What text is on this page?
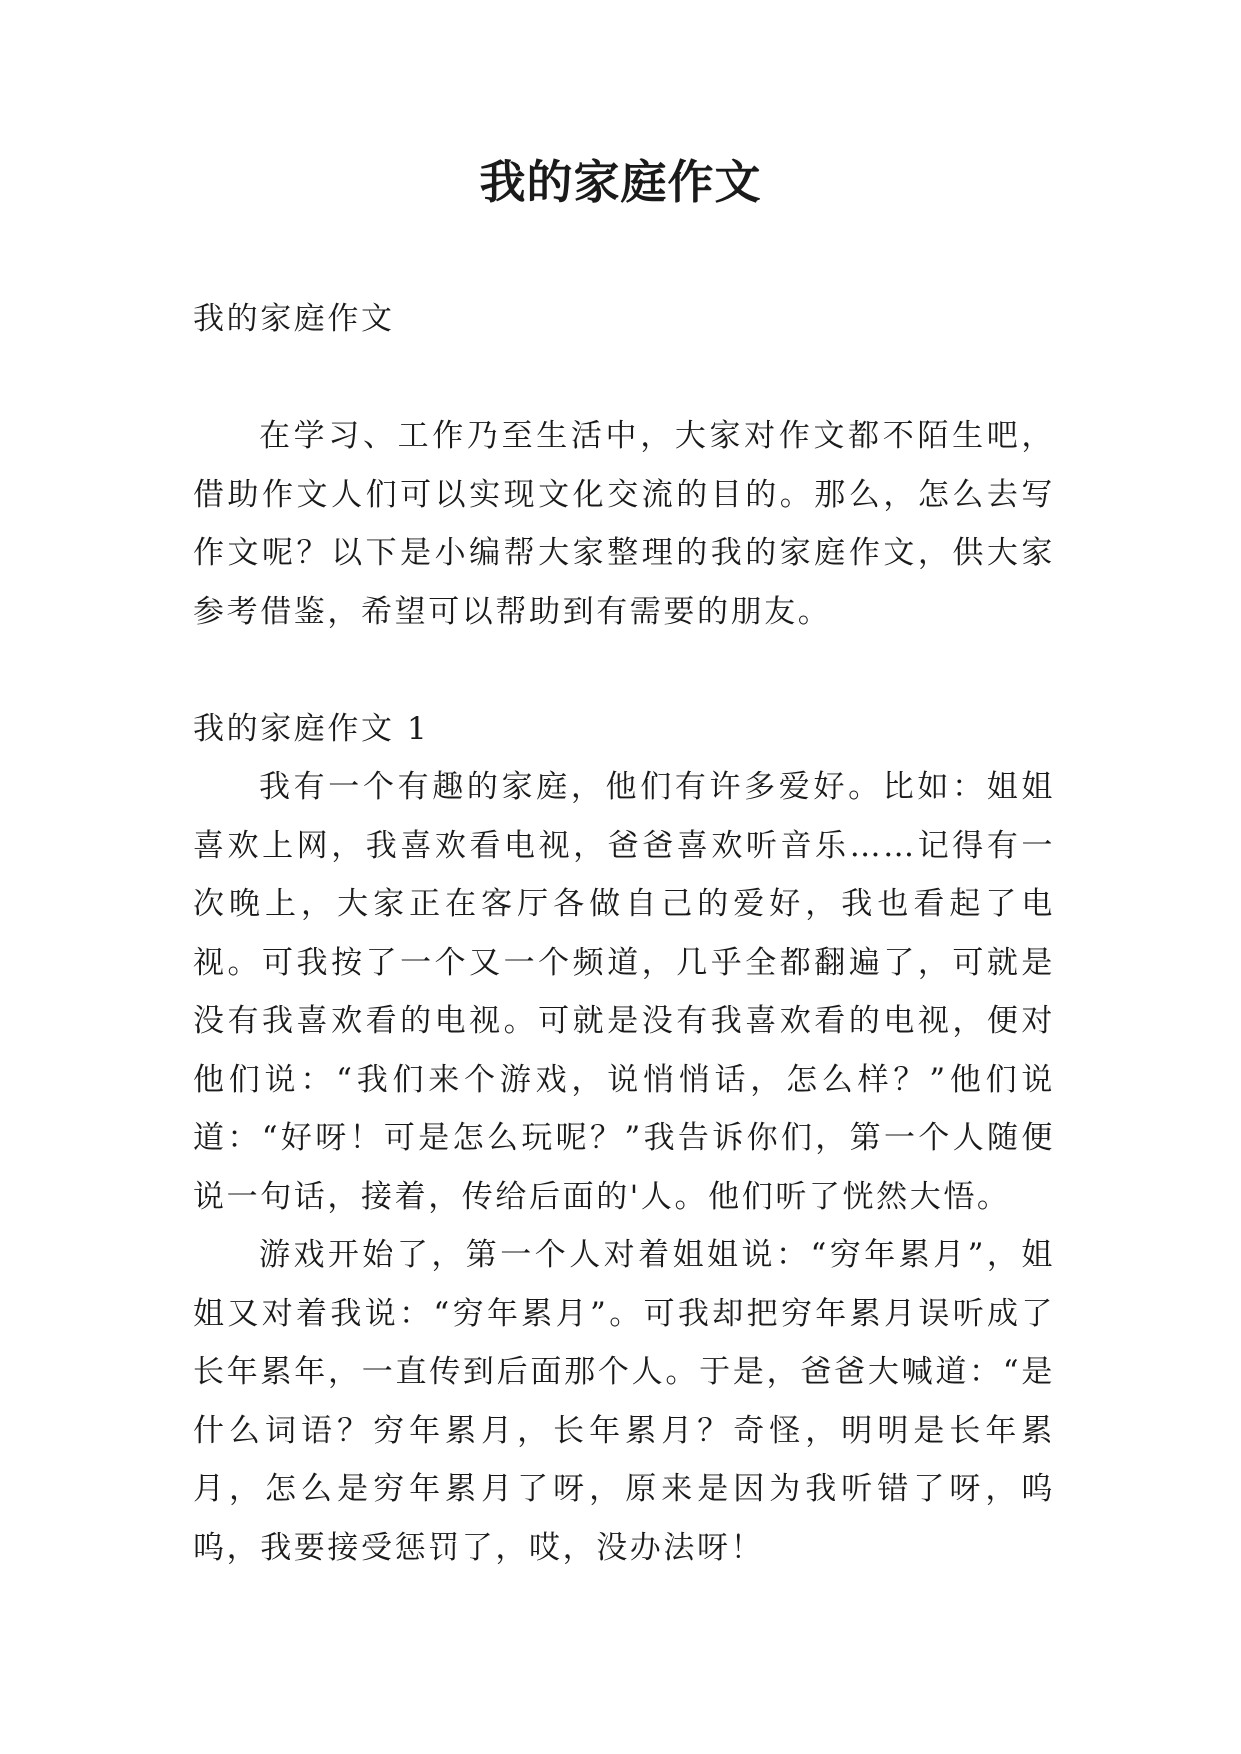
我的家庭作文

我的家庭作文

在学习、工作乃至生活中，大家对作文都不陌生吧，借助作文人们可以实现文化交流的目的。那么，怎么去写作文呢？以下是小编帮大家整理的我的家庭作文，供大家参考借鉴，希望可以帮助到有需要的朋友。

我的家庭作文 1

我有一个有趣的家庭，他们有许多爱好。比如：姐姐喜欢上网，我喜欢看电视，爸爸喜欢听音乐……记得有一次晚上，大家正在客厅各做自己的爱好，我也看起了电视。可我按了一个又一个频道，几乎全都翻遍了，可就是没有我喜欢看的电视。可就是没有我喜欢看的电视，便对他们说：“我们来个游戏，说悄悄话，怎么样？”他们说道：“好呀！可是怎么玩呢？”我告诉你们，第一个人随便说一句话，接着，传给后面的'人。他们听了恍然大悟。

游戏开始了，第一个人对着姐姐说：“穷年累月”，姐姐又对着我说：“穷年累月”。可我却把穷年累月误听成了长年累年，一直传到后面那个人。于是，爸爸大喊道：“是什么词语？穷年累月，长年累月？奇怪，明明是长年累月，怎么是穷年累月了呀，原来是因为我听错了呀，呜呜，我要接受惩罚了，哎，没办法呀！
